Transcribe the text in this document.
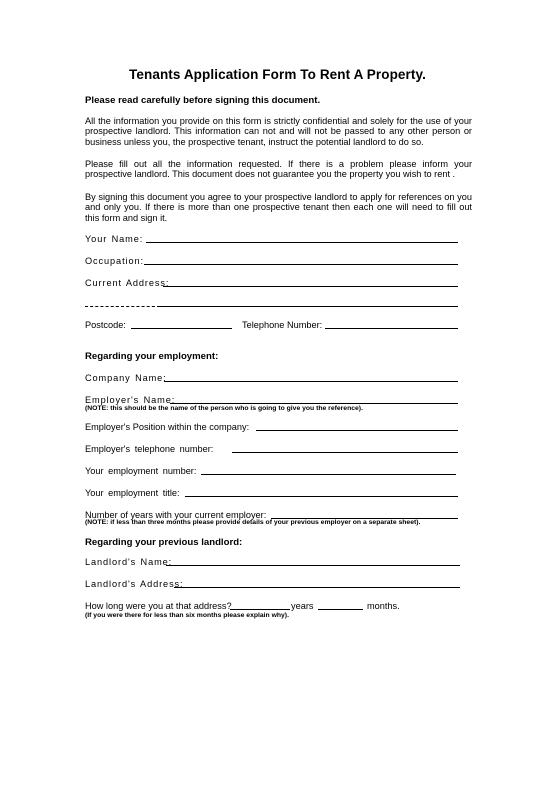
Tenants Application Form To Rent A Property.
Please read carefully before signing this document.
All the information you provide on this form is strictly confidential and solely for the use of your prospective landlord. This information can not and will not be passed to any other person or business unless you, the prospective tenant, instruct the potential landlord to do so.
Please fill out all the information requested. If there is a problem please inform your prospective landlord. This document does not guarantee you the property you wish to rent .
By signing this document you agree to your prospective landlord to apply for references on you and only you. If there is more than one prospective tenant then each one will need to fill out this form and sign it.
Your Name:
Occupation:
Current Address:
Postcode:	Telephone Number:
Regarding your employment:
Company Name:
Employer's Name:
(NOTE: this should be the name of the person who is going to give you the reference).
Employer's Position within the company:
Employer's telephone number:
Your employment number:
Your employment title:
Number of years with your current employer:
(NOTE: if less than three months please provide details of your previous employer on a separate sheet).
Regarding your previous landlord:
Landlord's Name:
Landlord's Address:
How long were you at that address?	years	months.
(If you were there for less than six months please explain why).
